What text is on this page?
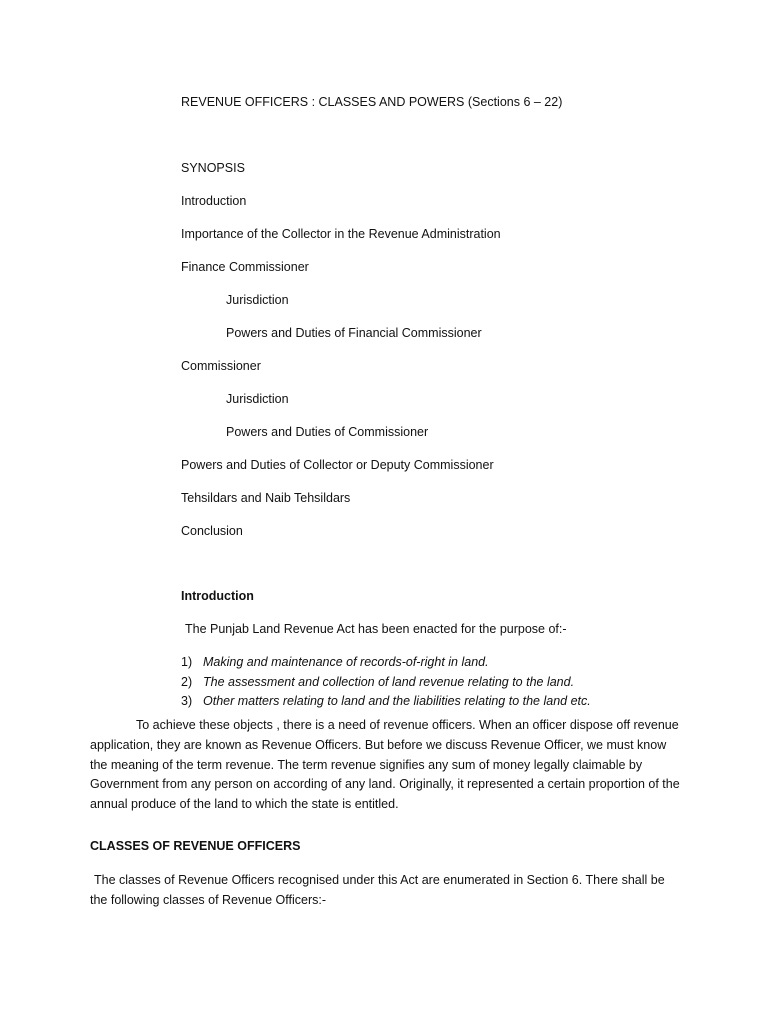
REVENUE OFFICERS : CLASSES AND POWERS (Sections 6 – 22)
SYNOPSIS
Introduction
Importance of the Collector in the Revenue Administration
Finance Commissioner
Jurisdiction
Powers and Duties of Financial Commissioner
Commissioner
Jurisdiction
Powers and Duties of Commissioner
Powers and Duties of Collector or Deputy Commissioner
Tehsildars and Naib Tehsildars
Conclusion
Introduction
The Punjab Land Revenue Act has been enacted for the purpose of:-
1) Making and maintenance of records-of-right in land.
2) The assessment and collection of land revenue relating to the land.
3) Other matters relating to land and the liabilities relating to the land etc.
To achieve these objects , there is a need of revenue officers. When an officer dispose off revenue application, they are known as Revenue Officers. But before we discuss Revenue Officer, we must know the meaning of the term revenue. The term revenue signifies any sum of money legally claimable by Government from any person on according of any land. Originally, it represented a certain proportion of the annual produce of the land to which the state is entitled.
CLASSES OF REVENUE OFFICERS
The classes of Revenue Officers recognised under this Act are enumerated in Section 6. There shall be the following classes of Revenue Officers:-
